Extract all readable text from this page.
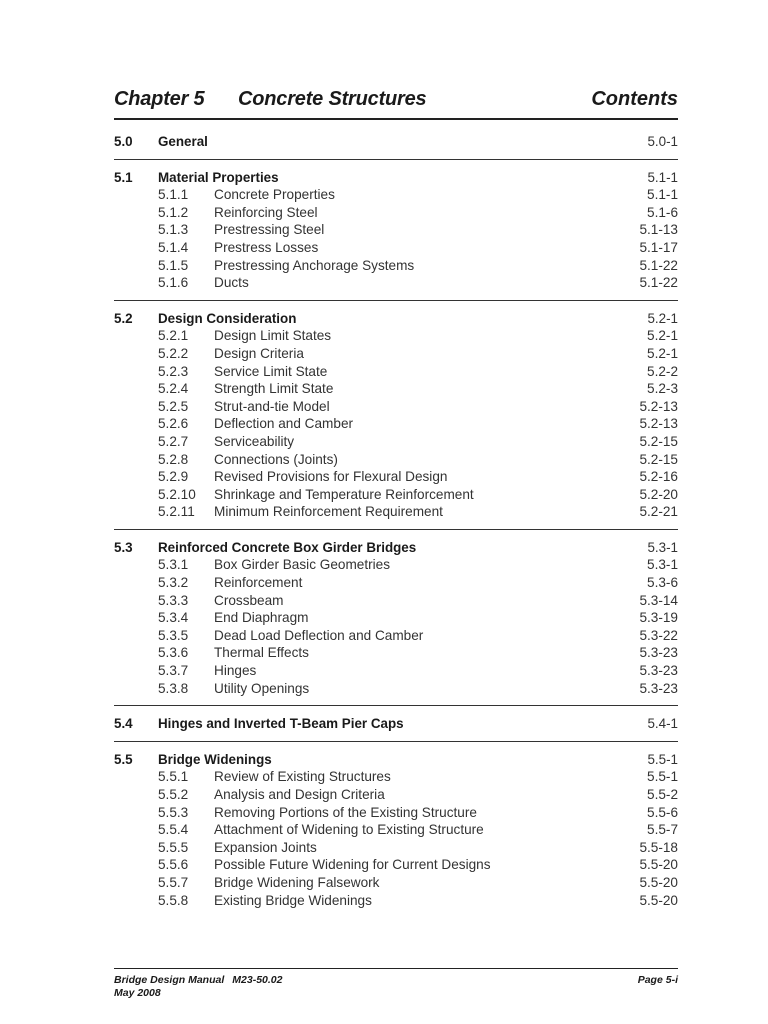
Chapter 5 Concrete Structures	Contents
5.0 General	5.0-1
5.1 Material Properties	5.1-1
5.1.1 Concrete Properties	5.1-1
5.1.2 Reinforcing Steel	5.1-6
5.1.3 Prestressing Steel	5.1-13
5.1.4 Prestress Losses	5.1-17
5.1.5 Prestressing Anchorage Systems	5.1-22
5.1.6 Ducts	5.1-22
5.2 Design Consideration	5.2-1
5.2.1 Design Limit States	5.2-1
5.2.2 Design Criteria	5.2-1
5.2.3 Service Limit State	5.2-2
5.2.4 Strength Limit State	5.2-3
5.2.5 Strut-and-tie Model	5.2-13
5.2.6 Deflection and Camber	5.2-13
5.2.7 Serviceability	5.2-15
5.2.8 Connections (Joints)	5.2-15
5.2.9 Revised Provisions for Flexural Design	5.2-16
5.2.10 Shrinkage and Temperature Reinforcement	5.2-20
5.2.11 Minimum Reinforcement Requirement	5.2-21
5.3 Reinforced Concrete Box Girder Bridges	5.3-1
5.3.1 Box Girder Basic Geometries	5.3-1
5.3.2 Reinforcement	5.3-6
5.3.3 Crossbeam	5.3-14
5.3.4 End Diaphragm	5.3-19
5.3.5 Dead Load Deflection and Camber	5.3-22
5.3.6 Thermal Effects	5.3-23
5.3.7 Hinges	5.3-23
5.3.8 Utility Openings	5.3-23
5.4 Hinges and Inverted T-Beam Pier Caps	5.4-1
5.5 Bridge Widenings	5.5-1
5.5.1 Review of Existing Structures	5.5-1
5.5.2 Analysis and Design Criteria	5.5-2
5.5.3 Removing Portions of the Existing Structure	5.5-6
5.5.4 Attachment of Widening to Existing Structure	5.5-7
5.5.5 Expansion Joints	5.5-18
5.5.6 Possible Future Widening for Current Designs	5.5-20
5.5.7 Bridge Widening Falsework	5.5-20
5.5.8 Existing Bridge Widenings	5.5-20
Bridge Design Manual M23-50.02
May 2008
Page 5-i
